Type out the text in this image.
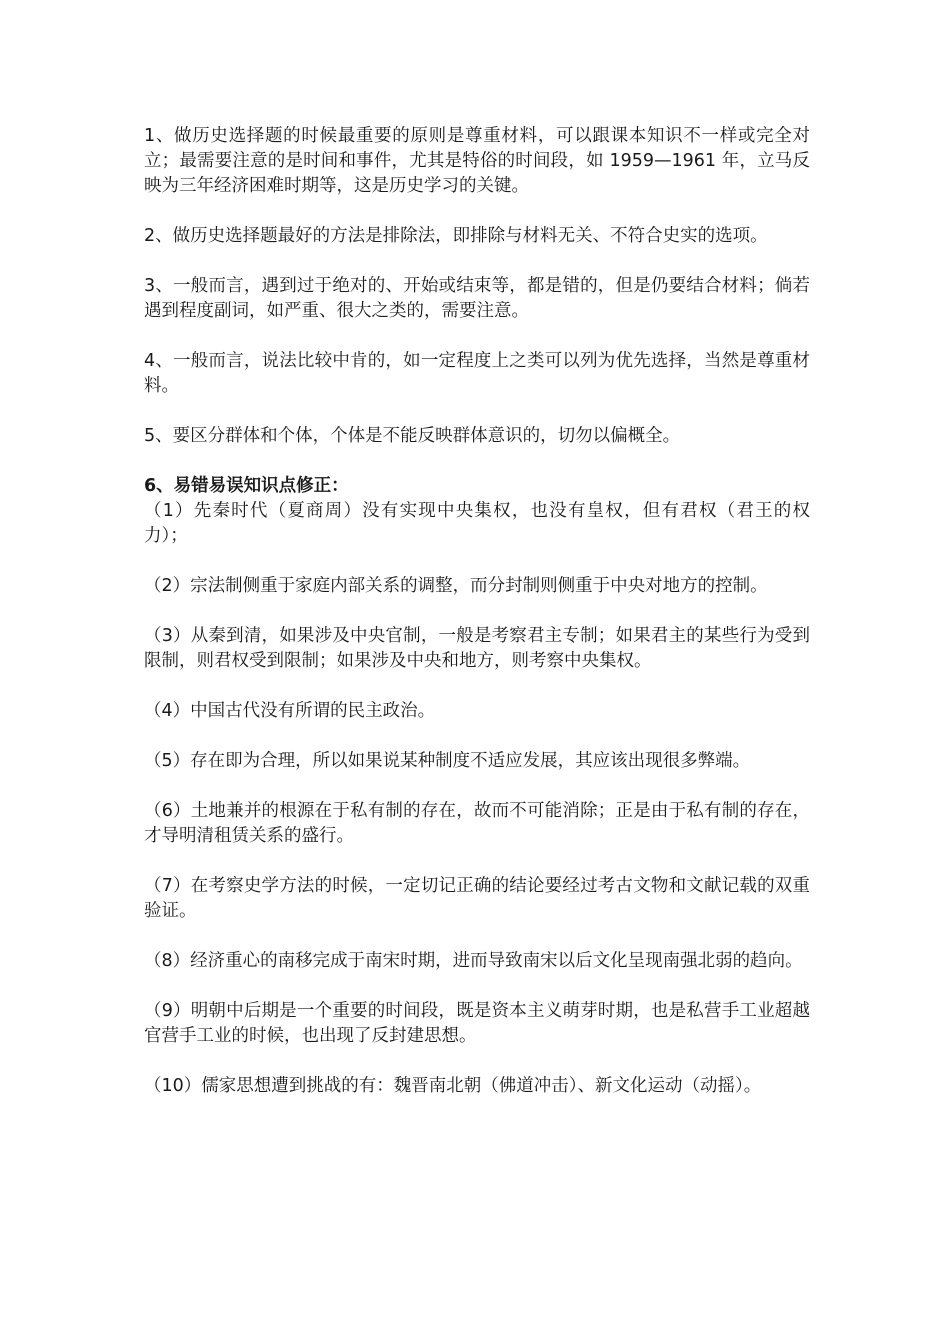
1、做历史选择题的时候最重要的原则是尊重材料，可以跟课本知识不一样或完全对立；最需要注意的是时间和事件，尤其是特俗的时间段，如 1959—1961 年，立马反映为三年经济困难时期等，这是历史学习的关键。

2、做历史选择题最好的方法是排除法，即排除与材料无关、不符合史实的选项。

3、一般而言，遇到过于绝对的、开始或结束等，都是错的，但是仍要结合材料；倘若遇到程度副词，如严重、很大之类的，需要注意。

4、一般而言，说法比较中肯的，如一定程度上之类可以列为优先选择，当然是尊重材料。

5、要区分群体和个体，个体是不能反映群体意识的，切勿以偏概全。

6、易错易误知识点修正：

（1）先秦时代（夏商周）没有实现中央集权，也没有皇权，但有君权（君王的权力）；

（2）宗法制侧重于家庭内部关系的调整，而分封制则侧重于中央对地方的控制。

（3）从秦到清，如果涉及中央官制，一般是考察君主专制；如果君主的某些行为受到限制，则君权受到限制；如果涉及中央和地方，则考察中央集权。

（4）中国古代没有所谓的民主政治。

（5）存在即为合理，所以如果说某种制度不适应发展，其应该出现很多弊端。

（6）土地兼并的根源在于私有制的存在，故而不可能消除；正是由于私有制的存在，才导明清租赁关系的盛行。

（7）在考察史学方法的时候，一定切记正确的结论要经过考古文物和文献记载的双重验证。

（8）经济重心的南移完成于南宋时期，进而导致南宋以后文化呈现南强北弱的趋向。

（9）明朝中后期是一个重要的时间段，既是资本主义萌芽时期，也是私营手工业超越官营手工业的时候，也出现了反封建思想。

（10）儒家思想遭到挑战的有：魏晋南北朝（佛道冲击）、新文化运动（动摇）。
